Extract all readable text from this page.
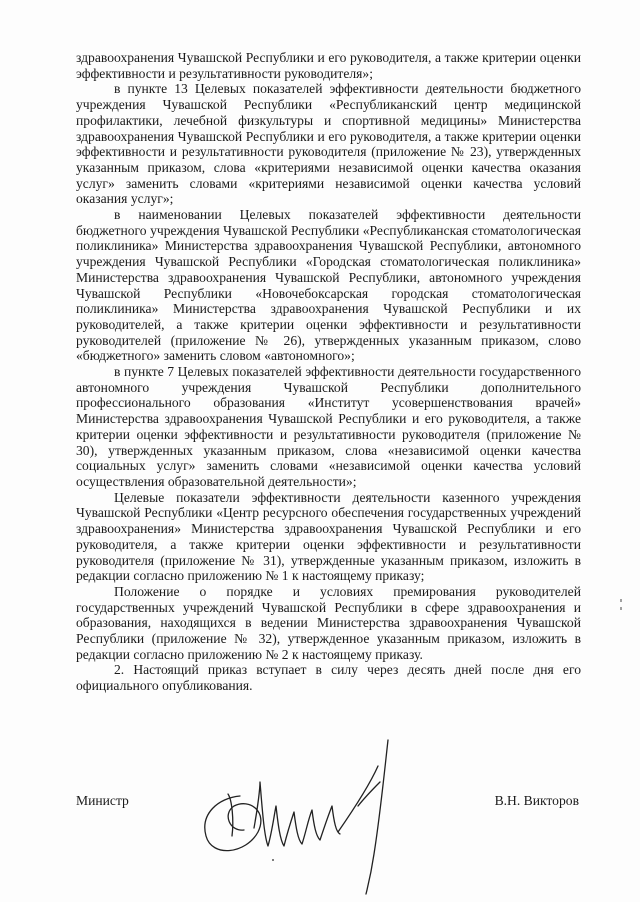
здравоохранения Чувашской Республики и его руководителя, а также критерии оценки эффективности и результативности руководителя»;

в пункте 13 Целевых показателей эффективности деятельности бюджетного учреждения Чувашской Республики «Республиканский центр медицинской профилактики, лечебной физкультуры и спортивной медицины» Министерства здравоохранения Чувашской Республики и его руководителя, а также критерии оценки эффективности и результативности руководителя (приложение № 23), утвержденных указанным приказом, слова «критериями независимой оценки качества оказания услуг» заменить словами «критериями независимой оценки качества условий оказания услуг»;

в наименовании Целевых показателей эффективности деятельности бюджетного учреждения Чувашской Республики «Республиканская стоматологическая поликлиника» Министерства здравоохранения Чувашской Республики, автономного учреждения Чувашской Республики «Городская стоматологическая поликлиника» Министерства здравоохранения Чувашской Республики, автономного учреждения Чувашской Республики «Новочебоксарская городская стоматологическая поликлиника» Министерства здравоохранения Чувашской Республики и их руководителей, а также критерии оценки эффективности и результативности руководителей (приложение № 26), утвержденных указанным приказом, слово «бюджетного» заменить словом «автономного»;

в пункте 7 Целевых показателей эффективности деятельности государственного автономного учреждения Чувашской Республики дополнительного профессионального образования «Институт усовершенствования врачей» Министерства здравоохранения Чувашской Республики и его руководителя, а также критерии оценки эффективности и результативности руководителя (приложение № 30), утвержденных указанным приказом, слова «независимой оценки качества социальных услуг» заменить словами «независимой оценки качества условий осуществления образовательной деятельности»;

Целевые показатели эффективности деятельности казенного учреждения Чувашской Республики «Центр ресурсного обеспечения государственных учреждений здравоохранения» Министерства здравоохранения Чувашской Республики и его руководителя, а также критерии оценки эффективности и результативности руководителя (приложение № 31), утвержденные указанным приказом, изложить в редакции согласно приложению № 1 к настоящему приказу;

Положение о порядке и условиях премирования руководителей государственных учреждений Чувашской Республики в сфере здравоохранения и образования, находящихся в ведении Министерства здравоохранения Чувашской Республики (приложение № 32), утвержденное указанным приказом, изложить в редакции согласно приложению № 2 к настоящему приказу.

2. Настоящий приказ вступает в силу через десять дней после дня его официального опубликования.

Министр	В.Н. Викторов
